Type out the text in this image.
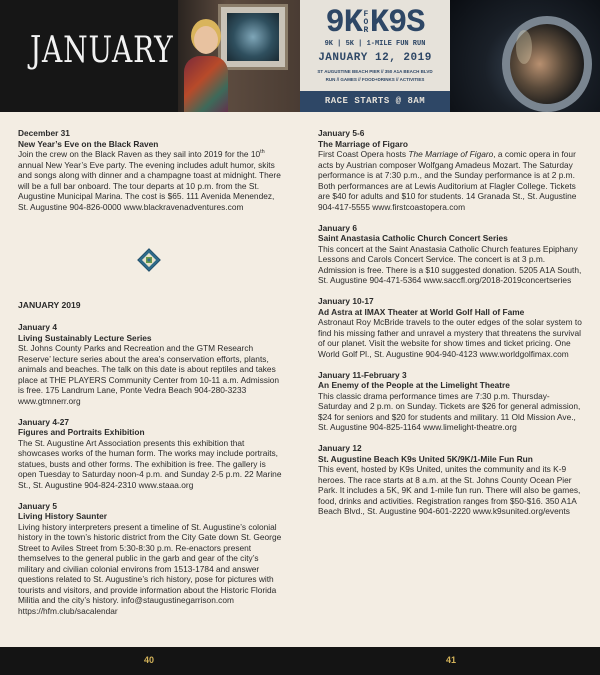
JANUARY
9K FORK9S
9K | 5K | 1-MILE FUN RUN
JANUARY 12, 2019
ST AUGUSTINE BEACH PIER // 350 A1A BEACH BLVD
RUN // GAMES // FOOD+DRINKS // ACTIVITIES
RACE STARTS @ 8AM
December 31
New Year’s Eve on the Black Raven
Join the crew on the Black Raven as they sail into 2019 for the 10th annual New Year’s Eve party. The evening includes adult humor, skits and songs along with dinner and a champagne toast at midnight. There will be a full bar onboard. The tour departs at 10 p.m. from the St. Augustine Municipal Marina. The cost is $65. 111 Avenida Menendez, St. Augustine 904-826-0000 www.blackravenadventures.com
JANUARY 2019
January 4
Living Sustainably Lecture Series
St. Johns County Parks and Recreation and the GTM Research Reserve’ lecture series about the area’s conservation efforts, plants, animals and beaches. The talk on this date is about reptiles and takes place at THE PLAYERS Community Center from 10-11 a.m. Admission is free. 175 Landrum Lane, Ponte Vedra Beach 904-280-3233 www.gtmnerr.org
January 4-27
Figures and Portraits Exhibition
The St. Augustine Art Association presents this exhibition that showcases works of the human form. The works may include portraits, statues, busts and other forms. The exhibition is free. The gallery is open Tuesday to Saturday noon-4 p.m. and Sunday 2-5 p.m. 22 Marine St., St. Augustine 904-824-2310 www.staaa.org
January 5
Living History Saunter
Living history interpreters present a timeline of St. Augustine’s colonial history in the town’s historic district from the City Gate down St. George Street to Aviles Street from 5:30-8:30 p.m. Re-enactors present themselves to the general public in the garb and gear of the city’s military and civilian colonial environs from 1513-1784 and answer questions related to St. Augustine’s rich history, pose for pictures with tourists and visitors, and provide information about the Historic Florida Militia and the city’s history. info@staugustinegarrison.com https://hfm.club/sacalendar
January 5-6
The Marriage of Figaro
First Coast Opera hosts The Marriage of Figaro, a comic opera in four acts by Austrian composer Wolfgang Amadeus Mozart. The Saturday performance is at 7:30 p.m., and the Sunday performance is at 2 p.m. Both performances are at Lewis Auditorium at Flagler College. Tickets are $40 for adults and $10 for students. 14 Granada St., St. Augustine 904-417-5555 www.firstcoastopera.com
January 6
Saint Anastasia Catholic Church Concert Series
This concert at the Saint Anastasia Catholic Church features Epiphany Lessons and Carols Concert Service. The concert is at 3 p.m. Admission is free. There is a $10 suggested donation. 5205 A1A South, St. Augustine 904-471-5364 www.saccfl.org/2018-2019concertseries
January 10-17
Ad Astra at IMAX Theater at World Golf Hall of Fame
Astronaut Roy McBride travels to the outer edges of the solar system to find his missing father and unravel a mystery that threatens the survival of our planet. Visit the website for show times and ticket pricing. One World Golf Pl., St. Augustine 904-940-4123 www.worldgolfimax.com
January 11-February 3
An Enemy of the People at the Limelight Theatre
This classic drama performance times are 7:30 p.m. Thursday-Saturday and 2 p.m. on Sunday. Tickets are $26 for general admission, $24 for seniors and $20 for students and military. 11 Old Mission Ave., St. Augustine 904-825-1164 www.limelight-theatre.org
January 12
St. Augustine Beach K9s United 5K/9K/1-Mile Fun Run
This event, hosted by K9s United, unites the community and its K-9 heroes. The race starts at 8 a.m. at the St. Johns County Ocean Pier Park. It includes a 5K, 9K and 1-mile fun run. There will also be games, food, drinks and activities. Registration ranges from $50-$16. 350 A1A Beach Blvd., St. Augustine 904-601-2220 www.k9sunited.org/events
40	41
